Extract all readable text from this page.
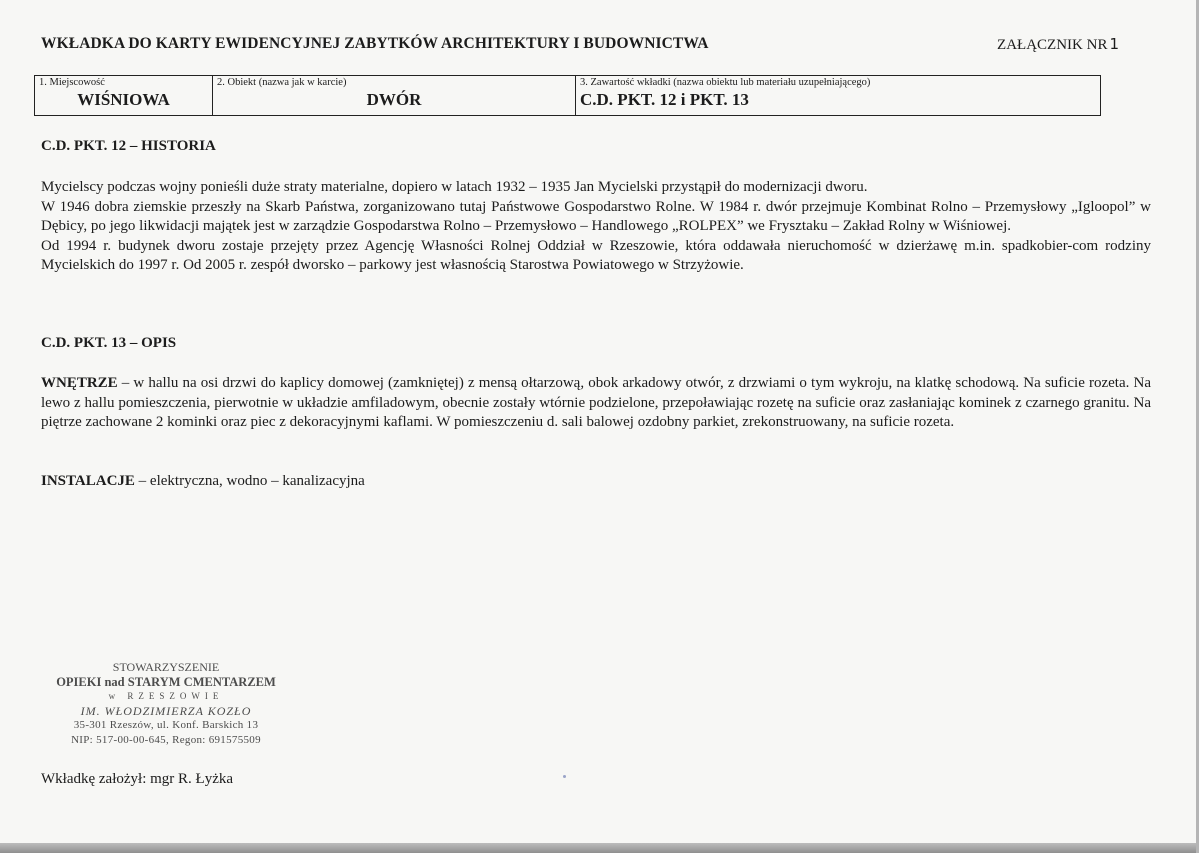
WKŁADKA DO KARTY EWIDENCYJNEJ ZABYTKÓW ARCHITEKTURY I BUDOWNICTWA	ZAŁĄCZNIK NR 1
1. Miejscowość
WIŚNIOWA

2. Obiekt (nazwa jak w karcie)
DWÓR

3. Zawartość wkładki (nazwa obiektu lub materiału uzupełniającego)
C.D. PKT. 12 i PKT. 13
C.D. PKT. 12 – HISTORIA

Mycielscy podczas wojny ponieśli duże straty materialne, dopiero w latach 1932 – 1935 Jan Mycielski przystąpił do modernizacji dworu.

W 1946 dobra ziemskie przeszły na Skarb Państwa, zorganizowano tutaj Państwowe Gospodarstwo Rolne. W 1984 r. dwór przejmuje Kombinat Rolno – Przemysłowy „Igloopol” w Dębicy, po jego likwidacji majątek jest w zarządzie Gospodarstwa Rolno – Przemysłowo – Handlowego „ROLPEX” we Frysztaku – Zakład Rolny w Wiśniowej.

Od 1994 r. budynek dworu zostaje przejęty przez Agencję Własności Rolnej Oddział w Rzeszowie, która oddawała nieruchomość w dzierżawę m.in. spadkobier-com rodziny Mycielskich do 1997 r. Od 2005 r. zespół dworsko – parkowy jest własnością Starostwa Powiatowego w Strzyżowie.

C.D. PKT. 13 – OPIS

WNĘTRZE – w hallu na osi drzwi do kaplicy domowej (zamkniętej) z mensą ołtarzową, obok arkadowy otwór, z drzwiami o tym wykroju, na klatkę schodową. Na suficie rozeta. Na lewo z hallu pomieszczenia, pierwotnie w układzie amfiladowym, obecnie zostały wtórnie podzielone, przepoławiając rozetę na suficie oraz zasłaniając kominek z czarnego granitu. Na piętrze zachowane 2 kominki oraz piec z dekoracyjnymi kaflami. W pomieszczeniu d. sali balowej ozdobny parkiet, zrekonstruowany, na suficie rozeta.

INSTALACJE – elektryczna, wodno – kanalizacyjna

STOWARZYSZENIE
OPIEKI nad STARYM CMENTARZEM
w RZESZOWIE
IM. WŁODZIMIERZA KOZŁO
35-301 Rzeszów, ul. Konf. Barskich 13
NIP: 517-00-00-645, Regon: 691575509
Wkładkę założył: mgr R. Łyżka
